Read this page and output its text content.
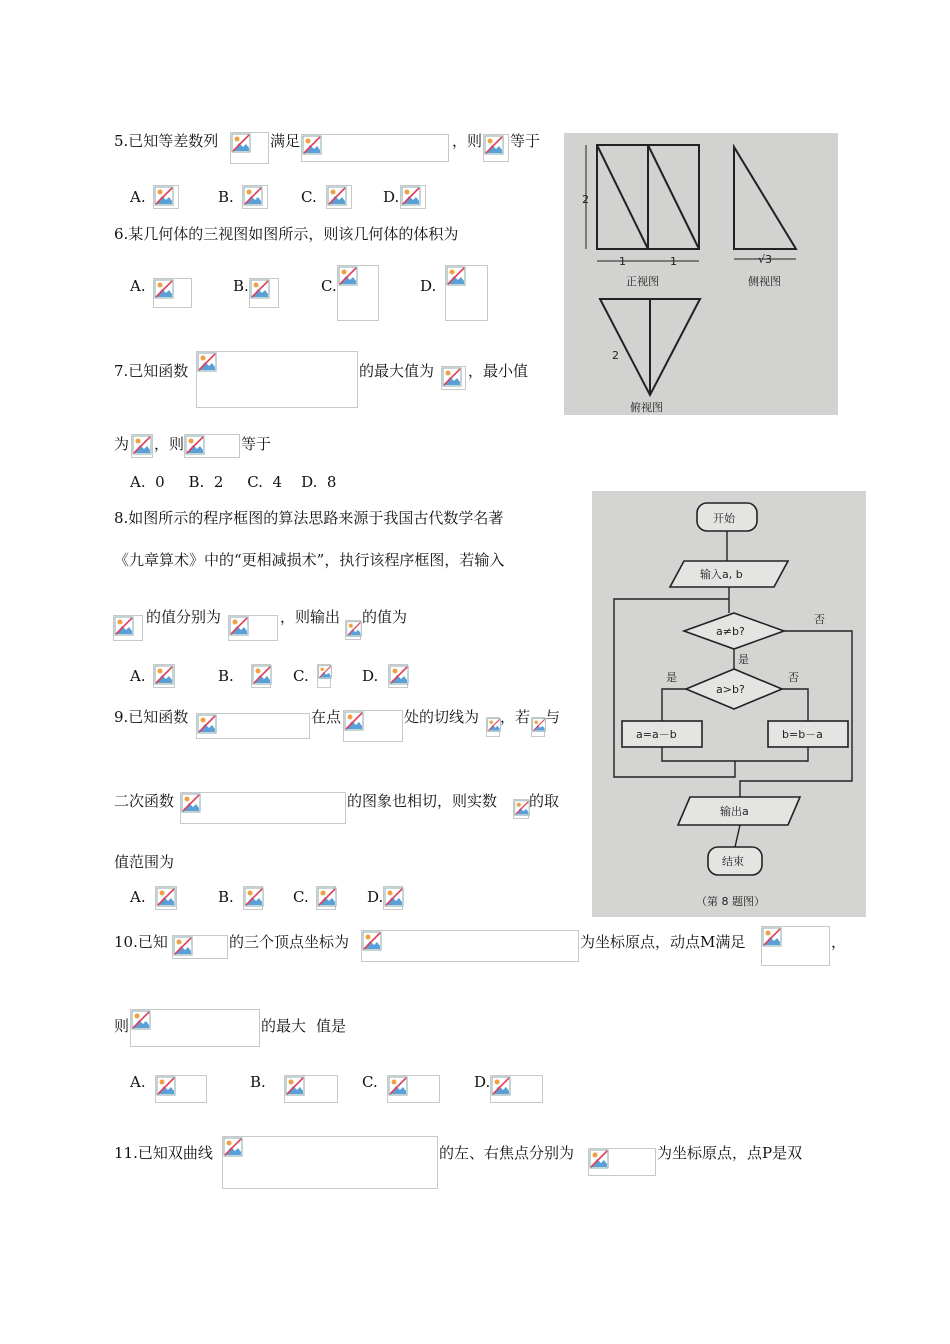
5.已知等差数列	满足	，则 等于
A.	B.	C.	D.
6.某几何体的三视图如图所示，则该几何体的体积为
A.	B.	C.	D.
7.已知函数	的最大值为 ，最小值
为 ，则	等于
A.  0     B.  2     C.  4    D.  8
8.如图所示的程序框图的算法思路来源于我国古代数学名著
《九章算术》中的“更相减损术”，执行该程序框图，若输入
的值分别为	，则输出 的值为
A.	B.	C.	D.
9.已知函数	在点	处的切线为 ，若 与
二次函数	的图象也相切，则实数 的取
值范围为
A.	B.	C.	D.
10.已知	的三个顶点坐标为	为坐标原点，动点M满足	，
则	的最大 值是
A.	B.	C.	D.
11.已知双曲线	的左、右焦点分别为	为坐标原点，点P是双
2
1	1
正视图
√3
侧视图
2
俯视图
开始
输入a, b
a≠b?
a>b?
是
否
是	否
a=a－b	b=b－a
输出a
结束
（第 8 题图）
